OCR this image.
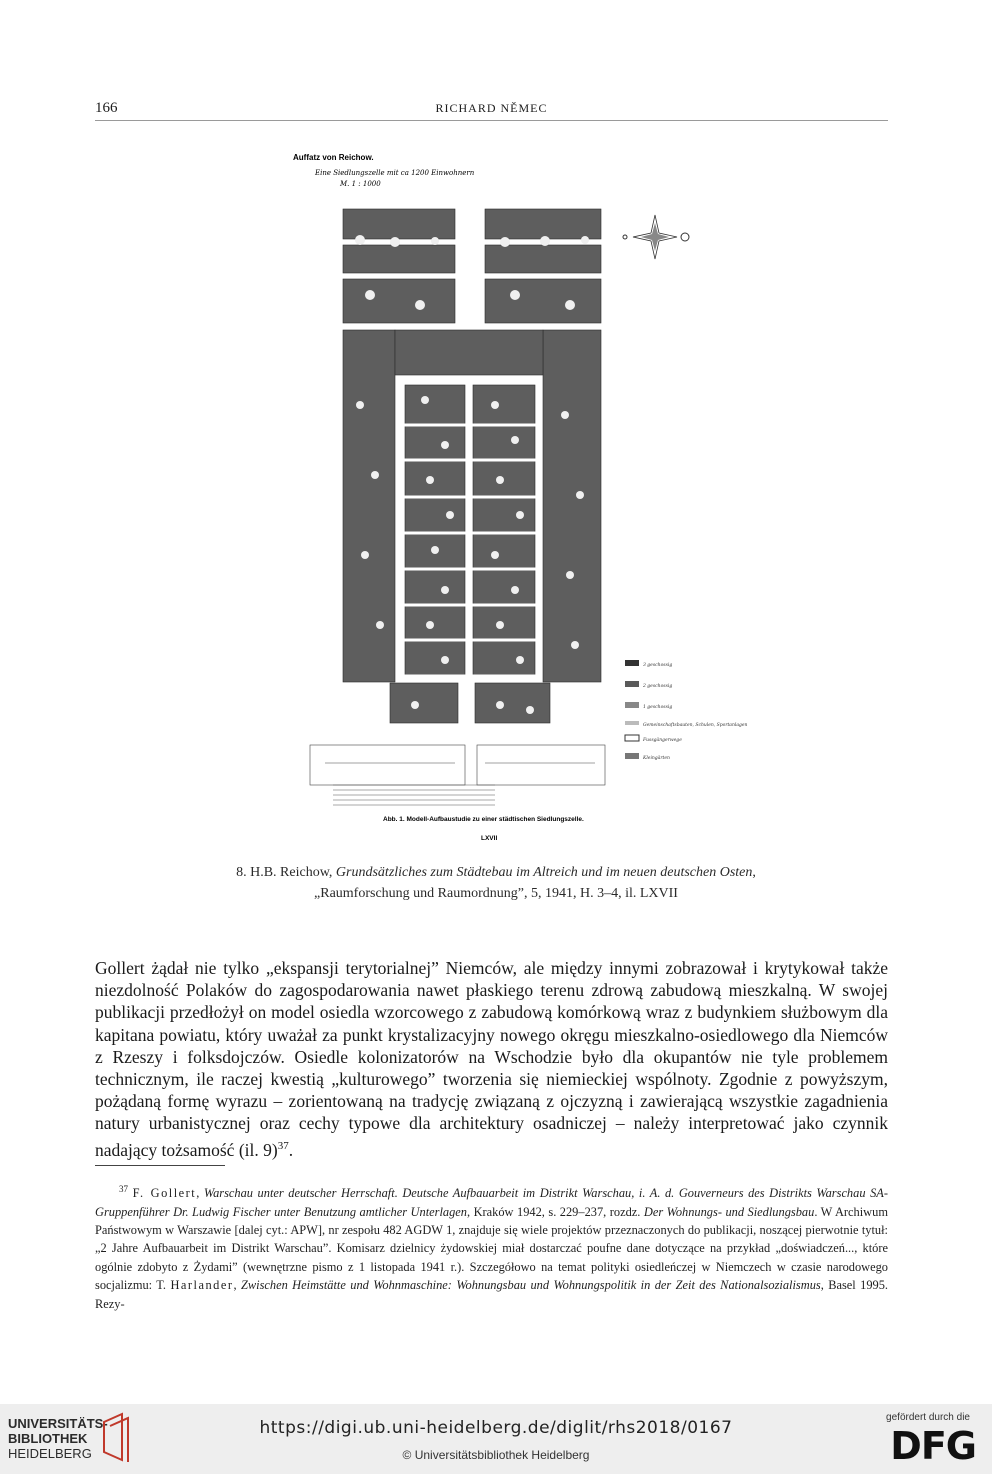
166	RICHARD NĚMEC
Auffatz von Reichow.
Eine Siedlungszelle mit ca 1200 Einwohnern
M. 1 : 1000
3 geschossig
2 geschossig
1 geschossig
Gemeinschaftsbauten, Schulen, Sportanlagen
Fussgängerwege
Kleingärten
Abb. 1. Modell-Aufbaustudie zu einer städtischen Siedlungszelle.
LXVII
8. H.B. Reichow, Grundsätzliches zum Städtebau im Altreich und im neuen deutschen Osten,
„Raumforschung und Raumordnung”, 5, 1941, H. 3–4, il. LXVII
Gollert żądał nie tylko „ekspansji terytorialnej” Niemców, ale między innymi zobrazował i krytykował także niezdolność Polaków do zagospodarowania nawet płaskiego terenu zdrową zabudową mieszkalną. W swojej publikacji przedłożył on model osiedla wzorcowego z zabudową komórkową wraz z budynkiem służbowym dla kapitana powiatu, który uważał za punkt krystalizacyjny nowego okręgu mieszkalno-osiedlowego dla Niemców z Rzeszy i folksdojczów. Osiedle kolonizatorów na Wschodzie było dla okupantów nie tyle problemem technicznym, ile raczej kwestią „kulturowego” tworzenia się niemieckiej wspólnoty. Zgodnie z powyższym, pożądaną formę wyrazu – zorientowaną na tradycję związaną z ojczyzną i zawierającą wszystkie zagadnienia natury urbanistycznej oraz cechy typowe dla architektury osadniczej – należy interpretować jako czynnik nadający tożsamość (il. 9)$^{37}$.
$^{37}$ F. Gollert, Warschau unter deutscher Herrschaft. Deutsche Aufbauarbeit im Distrikt Warschau, i. A. d. Gouverneurs des Distrikts Warschau SA-Gruppenführer Dr. Ludwig Fischer unter Benutzung amtlicher Unterlagen, Kraków 1942, s. 229–237, rozdz. Der Wohnungs- und Siedlungsbau. W Archiwum Państwowym w Warszawie [dalej cyt.: APW], nr zespołu 482 AGDW 1, znajduje się wiele projektów przeznaczonych do publikacji, noszącej pierwotnie tytuł: „2 Jahre Aufbauarbeit im Distrikt Warschau”. Komisarz dzielnicy żydowskiej miał dostarczać poufne dane dotyczące na przykład „doświadczeń..., które ogólnie zdobyto z Żydami” (wewnętrzne pismo z 1 listopada 1941 r.). Szczegółowo na temat polityki osiedleńczej w Niemczech w czasie narodowego socjalizmu: T. Harlander, Zwischen Heimstätte und Wohnmaschine: Wohnungsbau und Wohnungspolitik in der Zeit des Nationalsozialismus, Basel 1995. Rezy-
UNIVERSITÄTS-
BIBLIOTHEK
HEIDELBERG
https://digi.ub.uni-heidelberg.de/diglit/rhs2018/0167
© Universitätsbibliothek Heidelberg
gefördert durch die
DFG
